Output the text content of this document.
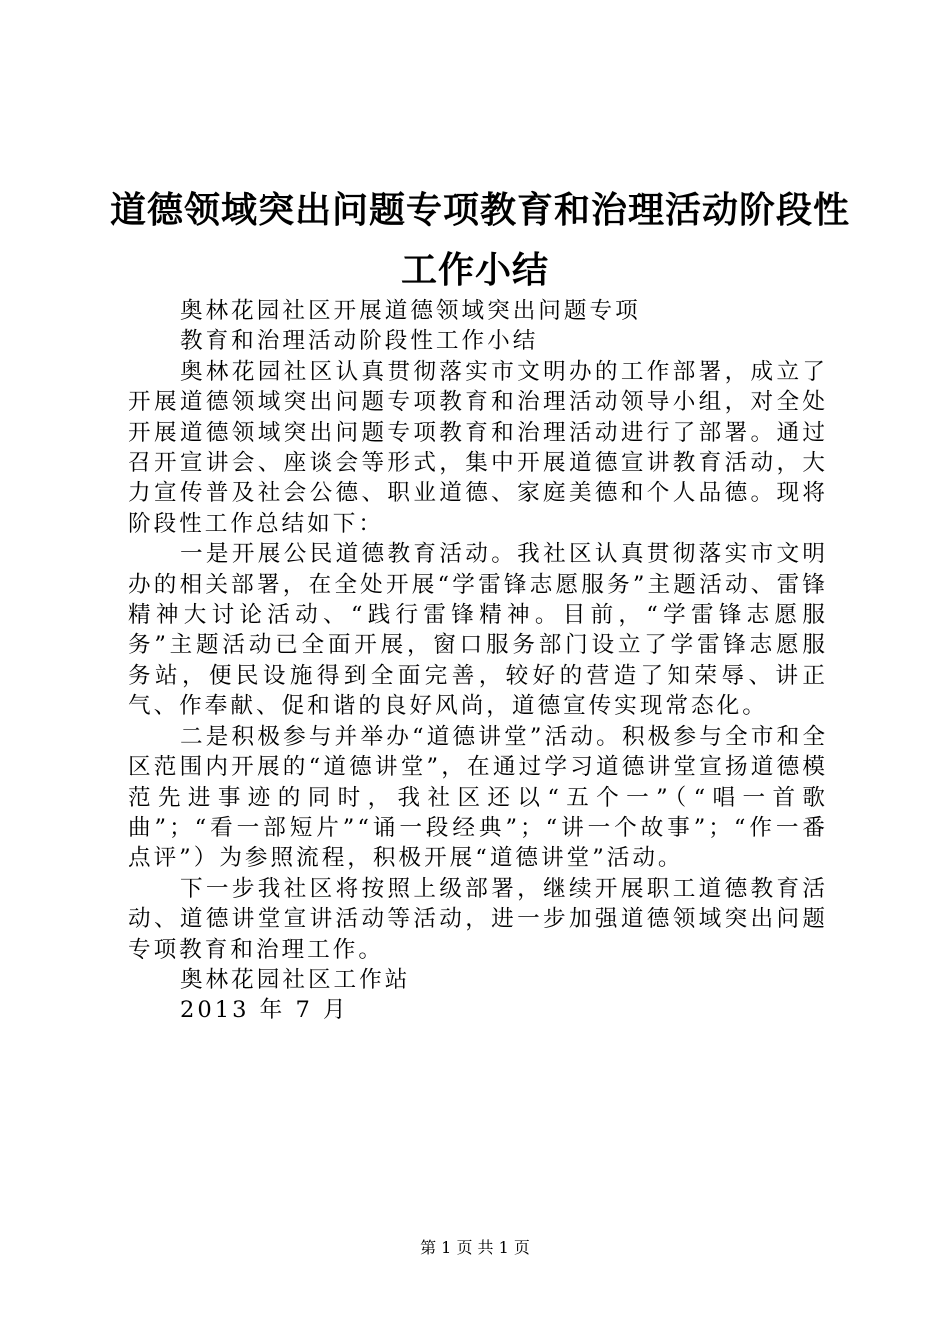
道德领域突出问题专项教育和治理活动阶段性
工作小结

奥林花园社区开展道德领域突出问题专项

教育和治理活动阶段性工作小结

奥林花园社区认真贯彻落实市文明办的工作部署，成立了开展道德领域突出问题专项教育和治理活动领导小组，对全处开展道德领域突出问题专项教育和治理活动进行了部署。通过召开宣讲会、座谈会等形式，集中开展道德宣讲教育活动，大力宣传普及社会公德、职业道德、家庭美德和个人品德。现将阶段性工作总结如下：

一是开展公民道德教育活动。我社区认真贯彻落实市文明办的相关部署，在全处开展“学雷锋志愿服务”主题活动、雷锋精神大讨论活动、“践行雷锋精神。目前，“学雷锋志愿服务”主题活动已全面开展，窗口服务部门设立了学雷锋志愿服务站，便民设施得到全面完善，较好的营造了知荣辱、讲正气、作奉献、促和谐的良好风尚，道德宣传实现常态化。

二是积极参与并举办“道德讲堂”活动。积极参与全市和全区范围内开展的“道德讲堂”，在通过学习道德讲堂宣扬道德模范先进事迹的同时，我社区还以“五个一”（“唱一首歌曲”；“看一部短片”“诵一段经典”；“讲一个故事”；“作一番点评”）为参照流程，积极开展“道德讲堂”活动。

下一步我社区将按照上级部署，继续开展职工道德教育活动、道德讲堂宣讲活动等活动，进一步加强道德领域突出问题专项教育和治理工作。

奥林花园社区工作站

2013 年 7 月

第 1 页 共 1 页
